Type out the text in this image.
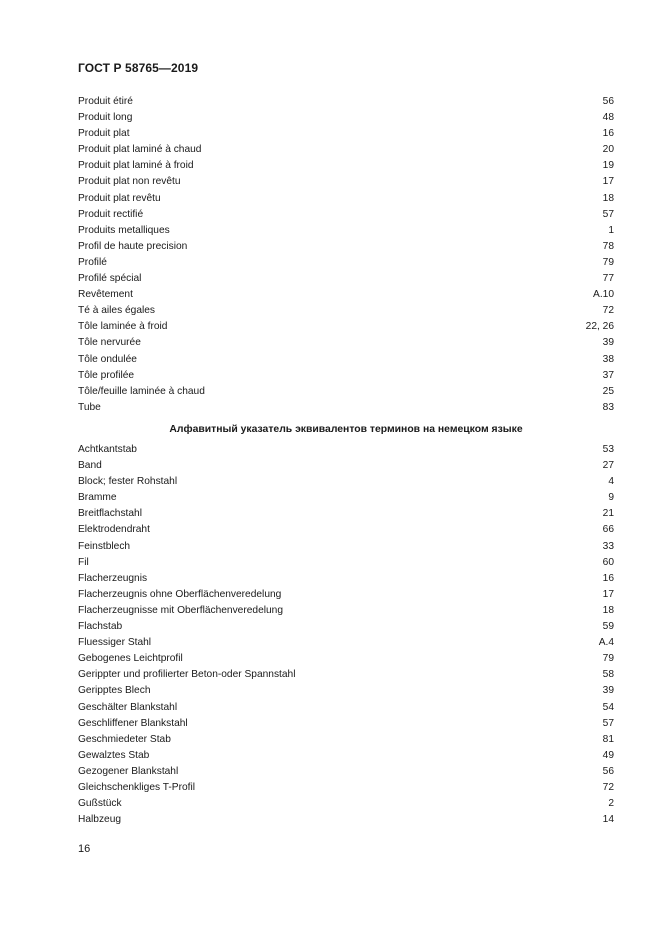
ГОСТ Р 58765—2019
Produit étiré	56
Produit long	48
Produit plat	16
Produit plat laminé à chaud	20
Produit plat laminé à froid	19
Produit plat non revêtu	17
Produit plat revêtu	18
Produit rectifié	57
Produits metalliques	1
Profil de haute precision	78
Profilé	79
Profilé spécial	77
Revêtement	A.10
Té à ailes égales	72
Tôle laminée à froid	22, 26
Tôle nervurée	39
Tôle ondulée	38
Tôle profilée	37
Tôle/feuille laminée à chaud	25
Tube	83
Алфавитный указатель эквивалентов терминов на немецком языке
Achtkantstab	53
Band	27
Block; fester Rohstahl	4
Bramme	9
Breitflachstahl	21
Elektrodendraht	66
Feinstblech	33
Fil	60
Flacherzeugnis	16
Flacherzeugnis ohne Oberflächenveredelung	17
Flacherzeugnisse mit Oberflächenveredelung	18
Flachstab	59
Fluessiger Stahl	A.4
Gebogenes Leichtprofil	79
Gerippter und profilierter Beton-oder Spannstahl	58
Geripptes Blech	39
Geschälter Blankstahl	54
Geschliffener Blankstahl	57
Geschmiedeter Stab	81
Gewalztes Stab	49
Gezogener Blankstahl	56
Gleichschenkliges T-Profil	72
Gußstück	2
Halbzeug	14
16
